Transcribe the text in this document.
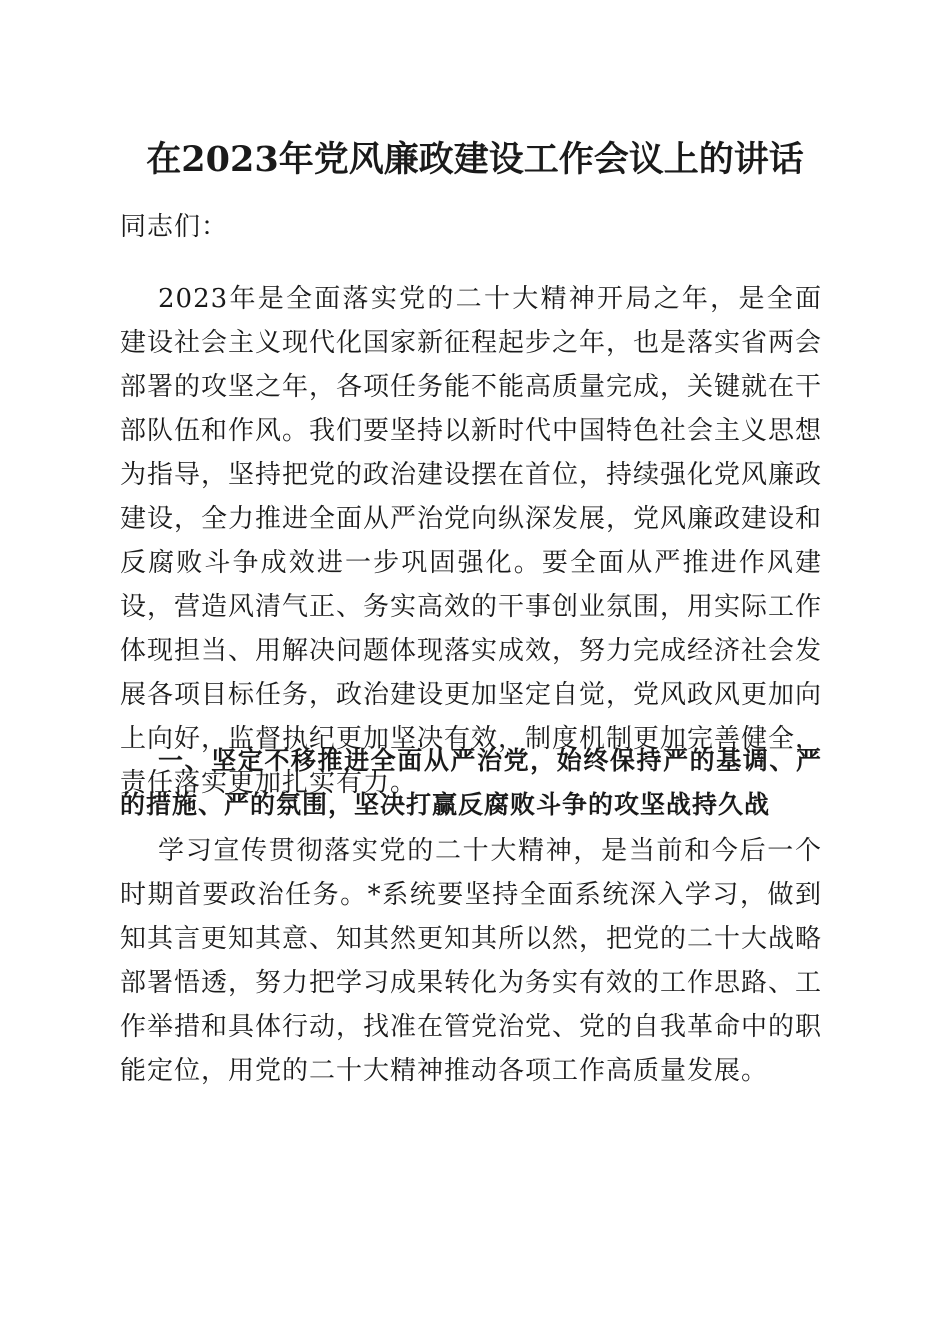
在2023年党风廉政建设工作会议上的讲话

同志们：

2023年是全面落实党的二十大精神开局之年，是全面建设社会主义现代化国家新征程起步之年，也是落实省两会部署的攻坚之年，各项任务能不能高质量完成，关键就在干部队伍和作风。我们要坚持以新时代中国特色社会主义思想为指导，坚持把党的政治建设摆在首位，持续强化党风廉政建设，全力推进全面从严治党向纵深发展，党风廉政建设和反腐败斗争成效进一步巩固强化。要全面从严推进作风建设，营造风清气正、务实高效的干事创业氛围，用实际工作体现担当、用解决问题体现落实成效，努力完成经济社会发展各项目标任务，政治建设更加坚定自觉，党风政风更加向上向好，监督执纪更加坚决有效，制度机制更加完善健全，责任落实更加扎实有力。

一、坚定不移推进全面从严治党，始终保持严的基调、严的措施、严的氛围，坚决打赢反腐败斗争的攻坚战持久战

学习宣传贯彻落实党的二十大精神，是当前和今后一个时期首要政治任务。*系统要坚持全面系统深入学习，做到知其言更知其意、知其然更知其所以然，把党的二十大战略部署悟透，努力把学习成果转化为务实有效的工作思路、工作举措和具体行动，找准在管党治党、党的自我革命中的职能定位，用党的二十大精神推动各项工作高质量发展。
